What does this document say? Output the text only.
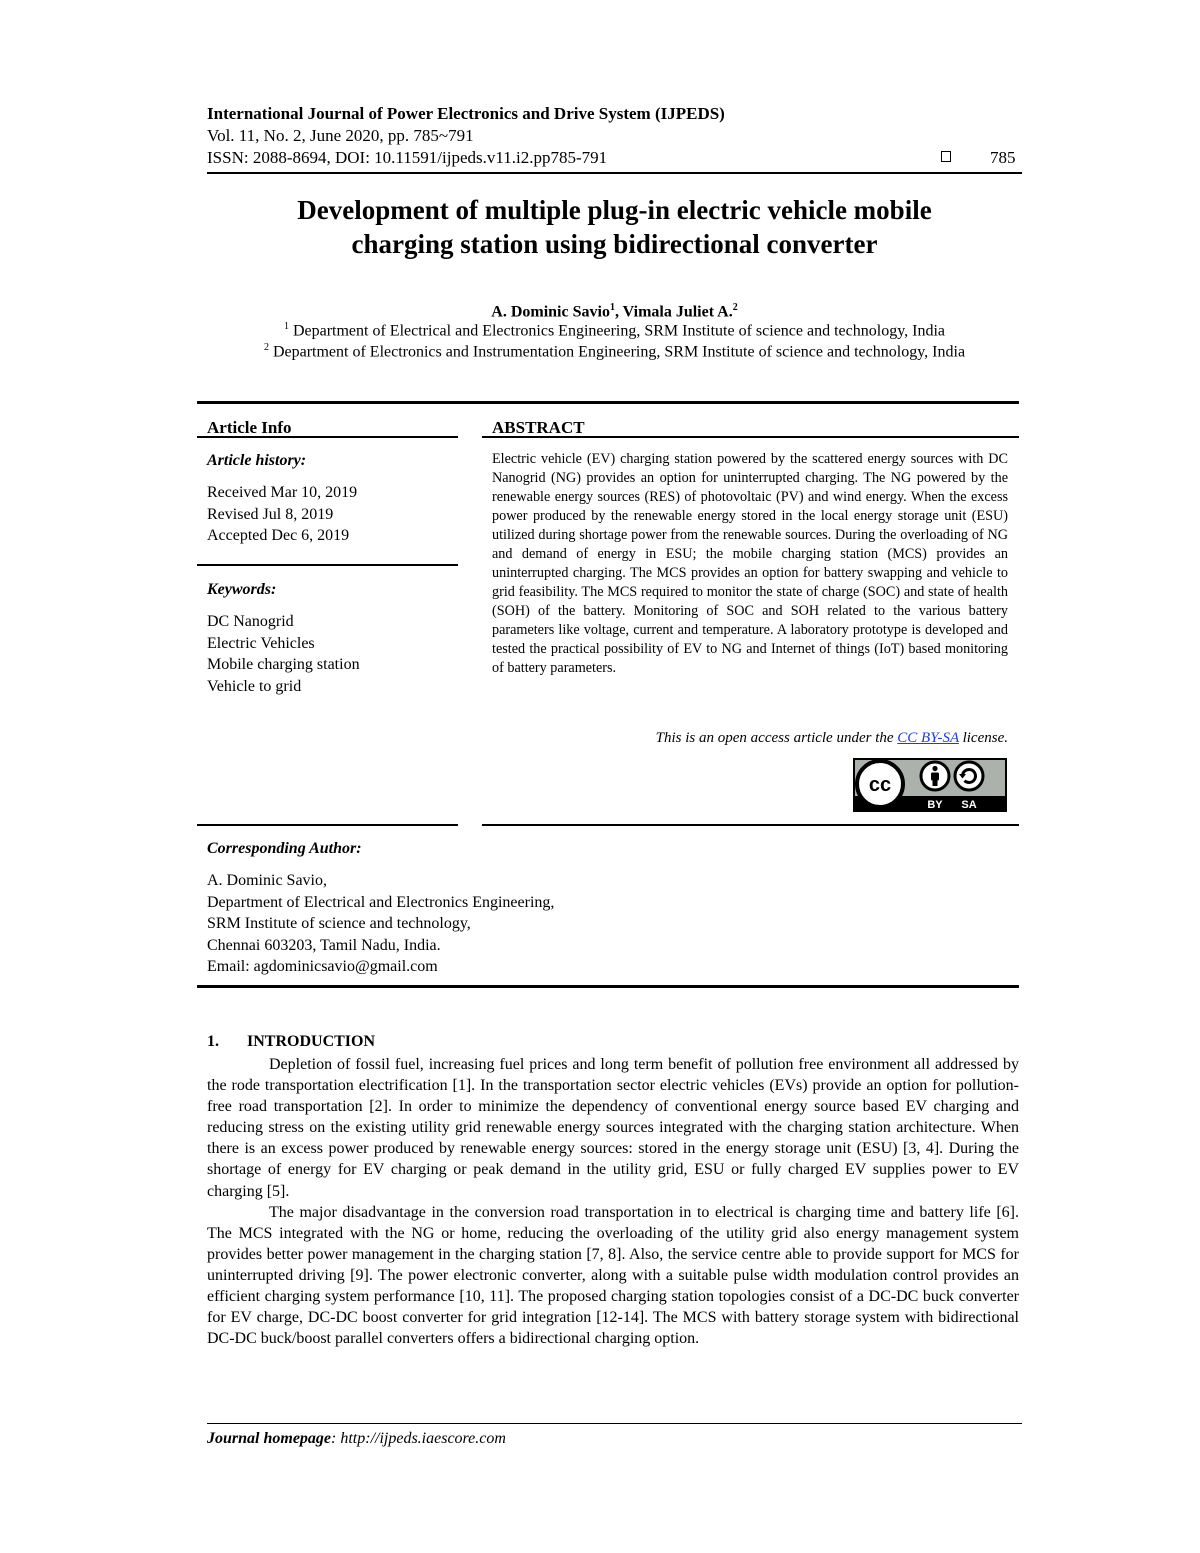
International Journal of Power Electronics and Drive System (IJPEDS)
Vol. 11, No. 2, June 2020, pp. 785~791
ISSN: 2088-8694, DOI: 10.11591/ijpeds.v11.i2.pp785-791	785
Development of multiple plug-in electric vehicle mobile
charging station using bidirectional converter
A. Dominic Savio$^1$, Vimala Juliet A.$^2$
$^1$ Department of Electrical and Electronics Engineering, SRM Institute of science and technology, India
$^2$ Department of Electronics and Instrumentation Engineering, SRM Institute of science and technology, India
Article Info
Article history:
Received Mar 10, 2019
Revised Jul 8, 2019
Accepted Dec 6, 2019
Keywords:
DC Nanogrid
Electric Vehicles
Mobile charging station
Vehicle to grid
ABSTRACT
Electric vehicle (EV) charging station powered by the scattered energy sources with DC Nanogrid (NG) provides an option for uninterrupted charging. The NG powered by the renewable energy sources (RES) of photovoltaic (PV) and wind energy. When the excess power produced by the renewable energy stored in the local energy storage unit (ESU) utilized during shortage power from the renewable sources. During the overloading of NG and demand of energy in ESU; the mobile charging station (MCS) provides an uninterrupted charging. The MCS provides an option for battery swapping and vehicle to grid feasibility. The MCS required to monitor the state of charge (SOC) and state of health (SOH) of the battery. Monitoring of SOC and SOH related to the various battery parameters like voltage, current and temperature. A laboratory prototype is developed and tested the practical possibility of EV to NG and Internet of things (IoT) based monitoring of battery parameters.
This is an open access article under the CC BY-SA license.
cc
BY SA
Corresponding Author:
A. Dominic Savio,
Department of Electrical and Electronics Engineering,
SRM Institute of science and technology,
Chennai 603203, Tamil Nadu, India.
Email: agdominicsavio@gmail.com
1. INTRODUCTION

Depletion of fossil fuel, increasing fuel prices and long term benefit of pollution free environment all addressed by the rode transportation electrification [1]. In the transportation sector electric vehicles (EVs) provide an option for pollution-free road transportation [2]. In order to minimize the dependency of conventional energy source based EV charging and reducing stress on the existing utility grid renewable energy sources integrated with the charging station architecture. When there is an excess power produced by renewable energy sources: stored in the energy storage unit (ESU) [3, 4]. During the shortage of energy for EV charging or peak demand in the utility grid, ESU or fully charged EV supplies power to EV charging [5].

The major disadvantage in the conversion road transportation in to electrical is charging time and battery life [6]. The MCS integrated with the NG or home, reducing the overloading of the utility grid also energy management system provides better power management in the charging station [7, 8]. Also, the service centre able to provide support for MCS for uninterrupted driving [9]. The power electronic converter, along with a suitable pulse width modulation control provides an efficient charging system performance [10, 11]. The proposed charging station topologies consist of a DC-DC buck converter for EV charge, DC-DC boost converter for grid integration [12-14]. The MCS with battery storage system with bidirectional DC-DC buck/boost parallel converters offers a bidirectional charging option.

Journal homepage: http://ijpeds.iaescore.com
